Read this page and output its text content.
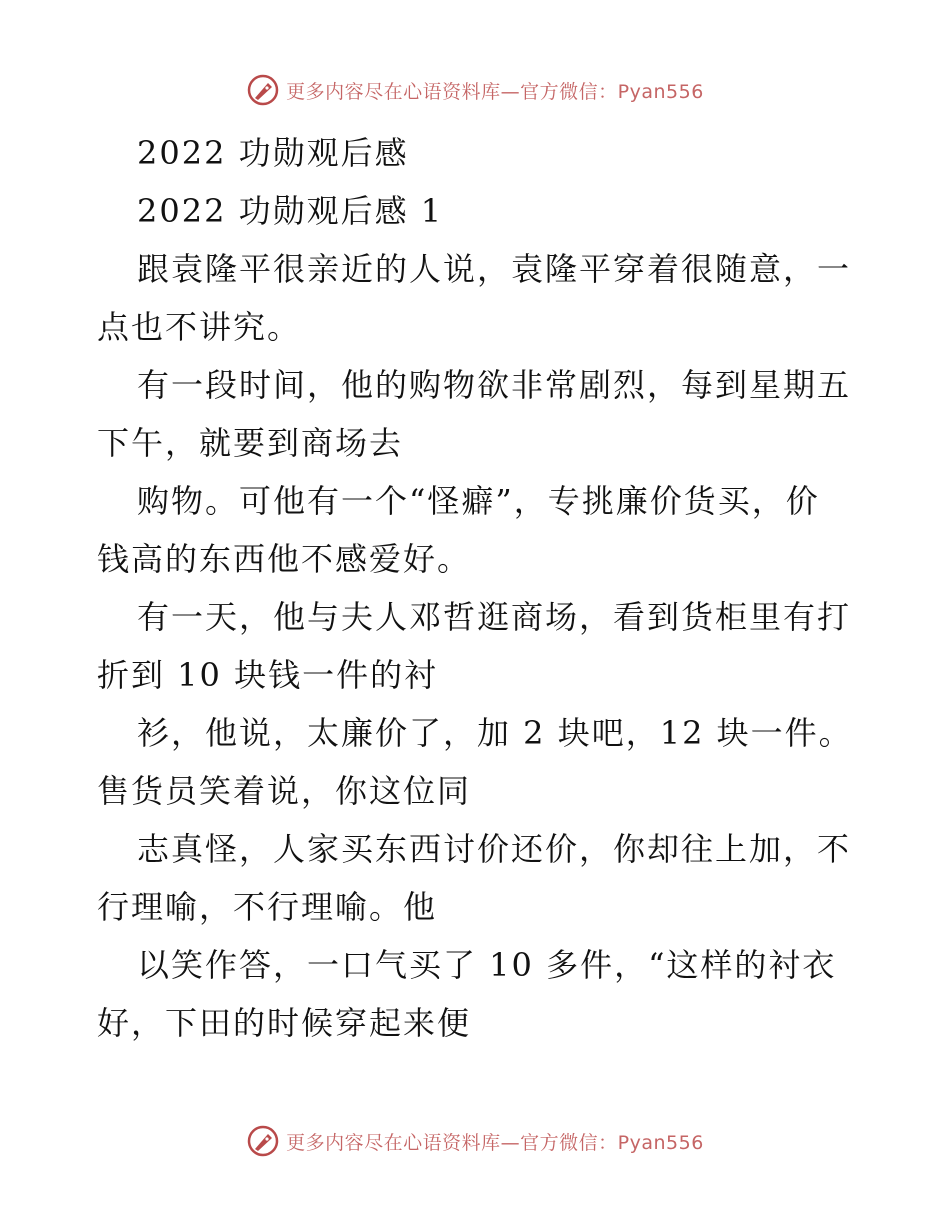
更多内容尽在心语资料库—官方微信：Pyan556
2022 功勋观后感
2022 功勋观后感 1
跟袁隆平很亲近的人说，袁隆平穿着很随意，一
点也不讲究。
有一段时间，他的购物欲非常剧烈，每到星期五
下午，就要到商场去
购物。可他有一个“怪癖”，专挑廉价货买，价
钱高的东西他不感爱好。
有一天，他与夫人邓哲逛商场，看到货柜里有打
折到 10 块钱一件的衬
衫，他说，太廉价了，加 2 块吧，12 块一件。
售货员笑着说，你这位同
志真怪，人家买东西讨价还价，你却往上加，不
行理喻，不行理喻。他
以笑作答，一口气买了 10 多件，“这样的衬衣
好，下田的时候穿起来便
更多内容尽在心语资料库—官方微信：Pyan556
